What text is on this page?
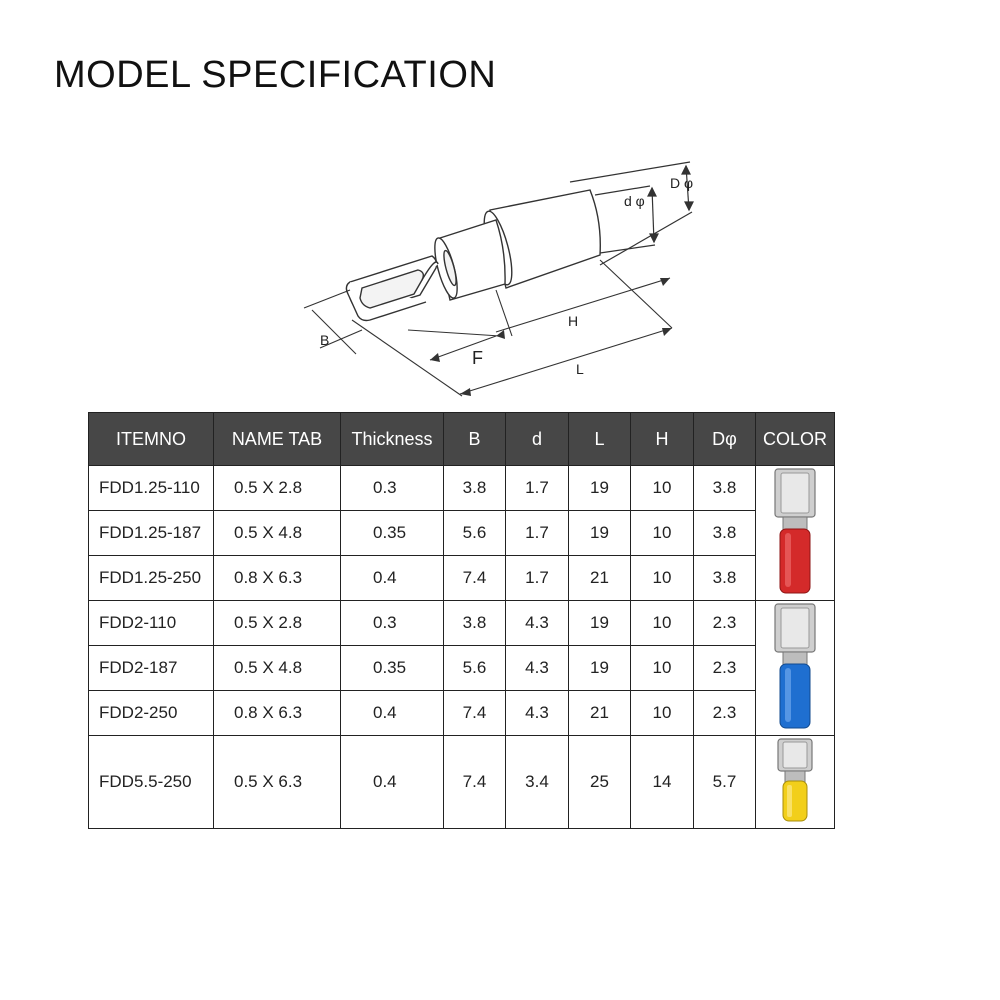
MODEL SPECIFICATION
D φ
d φ
B
F
H
L
ITEMNO	NAME TAB	Thickness	B	d	L	H	Dφ	COLOR
FDD1.25-110	0.5 X 2.8	0.3	3.8	1.7	19	10	3.8	
FDD1.25-187	0.5 X 4.8	0.35	5.6	1.7	19	10	3.8	
FDD1.25-250	0.8 X 6.3	0.4	7.4	1.7	21	10	3.8	
FDD2-110	0.5 X 2.8	0.3	3.8	4.3	19	10	2.3	
FDD2-187	0.5 X 4.8	0.35	5.6	4.3	19	10	2.3	
FDD2-250	0.8 X 6.3	0.4	7.4	4.3	21	10	2.3	
FDD5.5-250	0.5 X 6.3	0.4	7.4	3.4	25	14	5.7	
